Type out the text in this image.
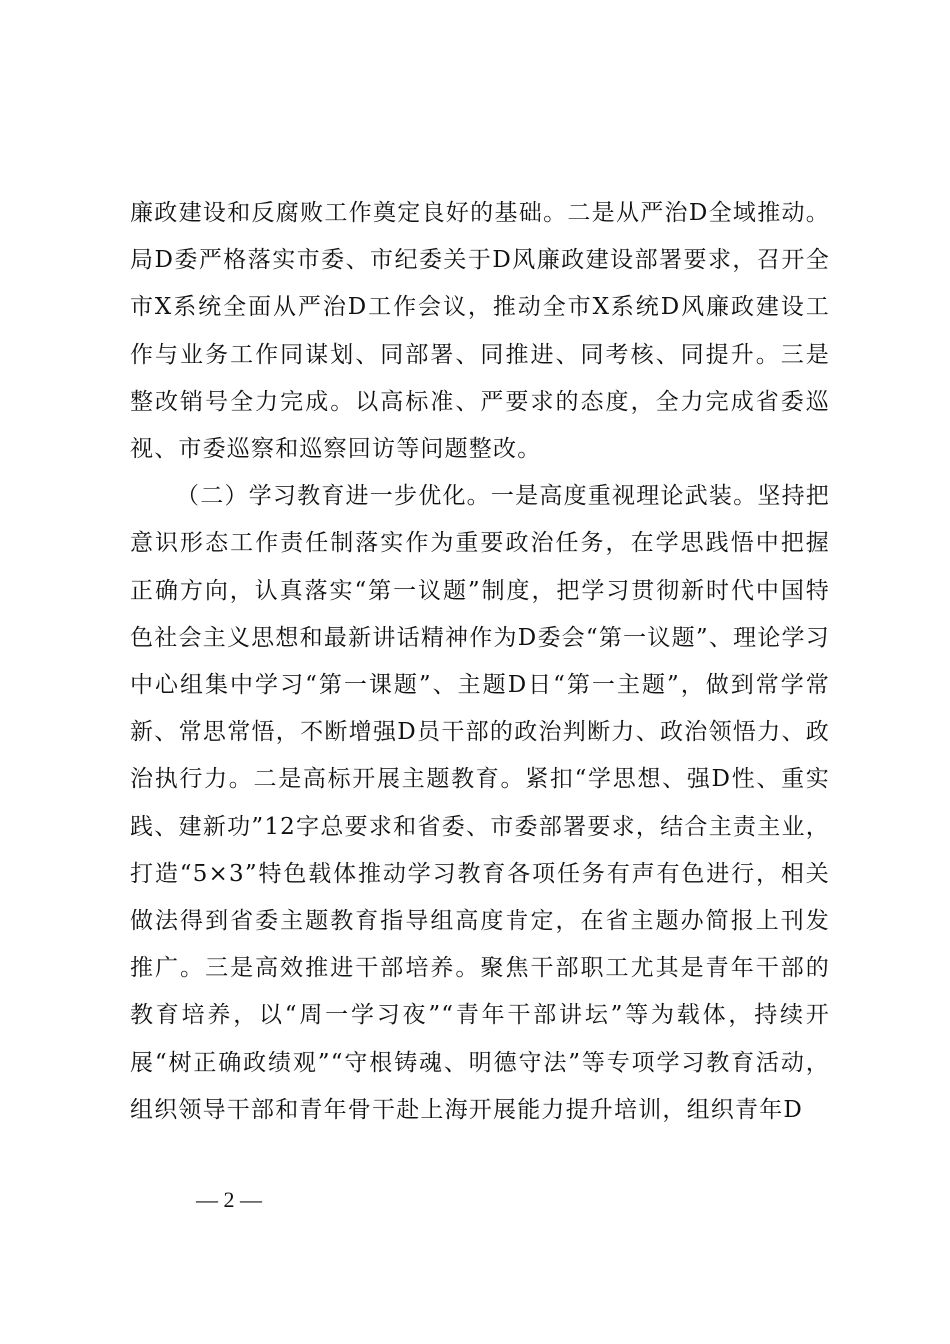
廉政建设和反腐败工作奠定良好的基础。二是从严治D全域推动。局D委严格落实市委、市纪委关于D风廉政建设部署要求，召开全市X系统全面从严治D工作会议，推动全市X系统D风廉政建设工作与业务工作同谋划、同部署、同推进、同考核、同提升。三是整改销号全力完成。以高标准、严要求的态度，全力完成省委巡视、市委巡察和巡察回访等问题整改。

（二）学习教育进一步优化。一是高度重视理论武装。坚持把意识形态工作责任制落实作为重要政治任务，在学思践悟中把握正确方向，认真落实“第一议题”制度，把学习贯彻新时代中国特色社会主义思想和最新讲话精神作为D委会“第一议题”、理论学习中心组集中学习“第一课题”、主题D日“第一主题”，做到常学常新、常思常悟，不断增强D员干部的政治判断力、政治领悟力、政治执行力。二是高标开展主题教育。紧扣“学思想、强D性、重实践、建新功”12字总要求和省委、市委部署要求，结合主责主业，打造“5×3”特色载体推动学习教育各项任务有声有色进行，相关做法得到省委主题教育指导组高度肯定，在省主题办简报上刊发推广。三是高效推进干部培养。聚焦干部职工尤其是青年干部的教育培养，以“周一学习夜”“青年干部讲坛”等为载体，持续开展“树正确政绩观”“守根铸魂、明德守法”等专项学习教育活动，组织领导干部和青年骨干赴上海开展能力提升培训，组织青年D

— 2 —
